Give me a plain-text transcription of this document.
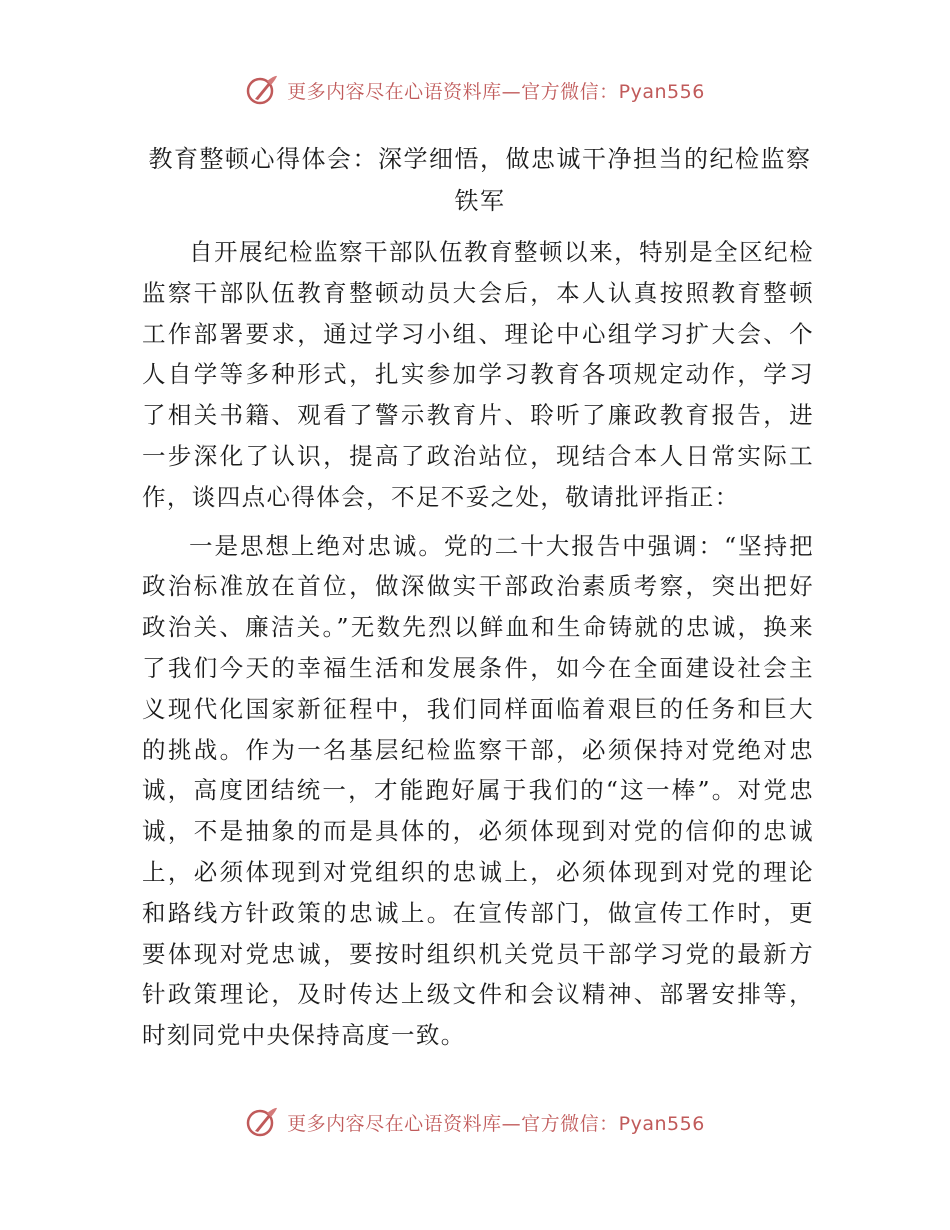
更多内容尽在心语资料库—官方微信：Pyan556
教育整顿心得体会：深学细悟，做忠诚干净担当的纪检监察铁军

自开展纪检监察干部队伍教育整顿以来，特别是全区纪检监察干部队伍教育整顿动员大会后，本人认真按照教育整顿工作部署要求，通过学习小组、理论中心组学习扩大会、个人自学等多种形式，扎实参加学习教育各项规定动作，学习了相关书籍、观看了警示教育片、聆听了廉政教育报告，进一步深化了认识，提高了政治站位，现结合本人日常实际工作，谈四点心得体会，不足不妥之处，敬请批评指正：

一是思想上绝对忠诚。党的二十大报告中强调：“坚持把政治标准放在首位，做深做实干部政治素质考察，突出把好政治关、廉洁关。”无数先烈以鲜血和生命铸就的忠诚，换来了我们今天的幸福生活和发展条件，如今在全面建设社会主义现代化国家新征程中，我们同样面临着艰巨的任务和巨大的挑战。作为一名基层纪检监察干部，必须保持对党绝对忠诚，高度团结统一，才能跑好属于我们的“这一棒”。对党忠诚，不是抽象的而是具体的，必须体现到对党的信仰的忠诚上，必须体现到对党组织的忠诚上，必须体现到对党的理论和路线方针政策的忠诚上。在宣传部门，做宣传工作时，更要体现对党忠诚，要按时组织机关党员干部学习党的最新方针政策理论，及时传达上级文件和会议精神、部署安排等，时刻同党中央保持高度一致。

更多内容尽在心语资料库—官方微信：Pyan556
